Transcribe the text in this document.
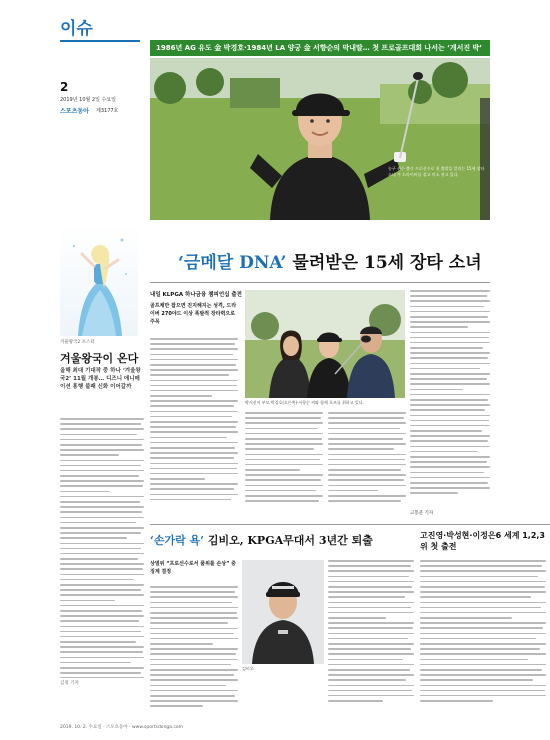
이슈
2
2019년 10월 2일 수요일
스포츠동아 제3177호
겨울왕국2 포스터
겨울왕국이 온다
올해 최대 기대작 중 하나 ‘겨울왕국2’ 11월 개봉… 디즈니 애니메이션 흥행 불패 신화 이어갈까
김정 기자
1986년 AG 유도 金 박경호·1984년 LA 양궁 金 서향순의 막내딸… 첫 프로골프대회 나서는 ‘개서진 박’
농구 선수 출신 프로선수로 첫 출발을 알리는 15세 장타 소녀 가 드라이버를 잡고 미소 짓고 있다.
‘금메달 DNA’ 물려받은 15세 장타 소녀
내일 KLPGA 하나금융 챔피언십 출전
골프채만 잡으면 진지해지는 성격, 드라이버 270야드 이상 폭발적 장타력으로 주목
박서진이 부모 박경호(오른쪽)·서향순 씨와 함께 포즈를 취하고 있다.
고봉준 기자
‘손가락 욕’ 김비오, KPGA무대서 3년간 퇴출
상벌위 “프로선수로서 품위를 손상” 중징계 결정
김비오
고진영·박성현·이정은6 세계 1,2,3위 첫 출전
2019. 10. 2. 수요일 · 스포츠동아 · www.sportsdonga.com
